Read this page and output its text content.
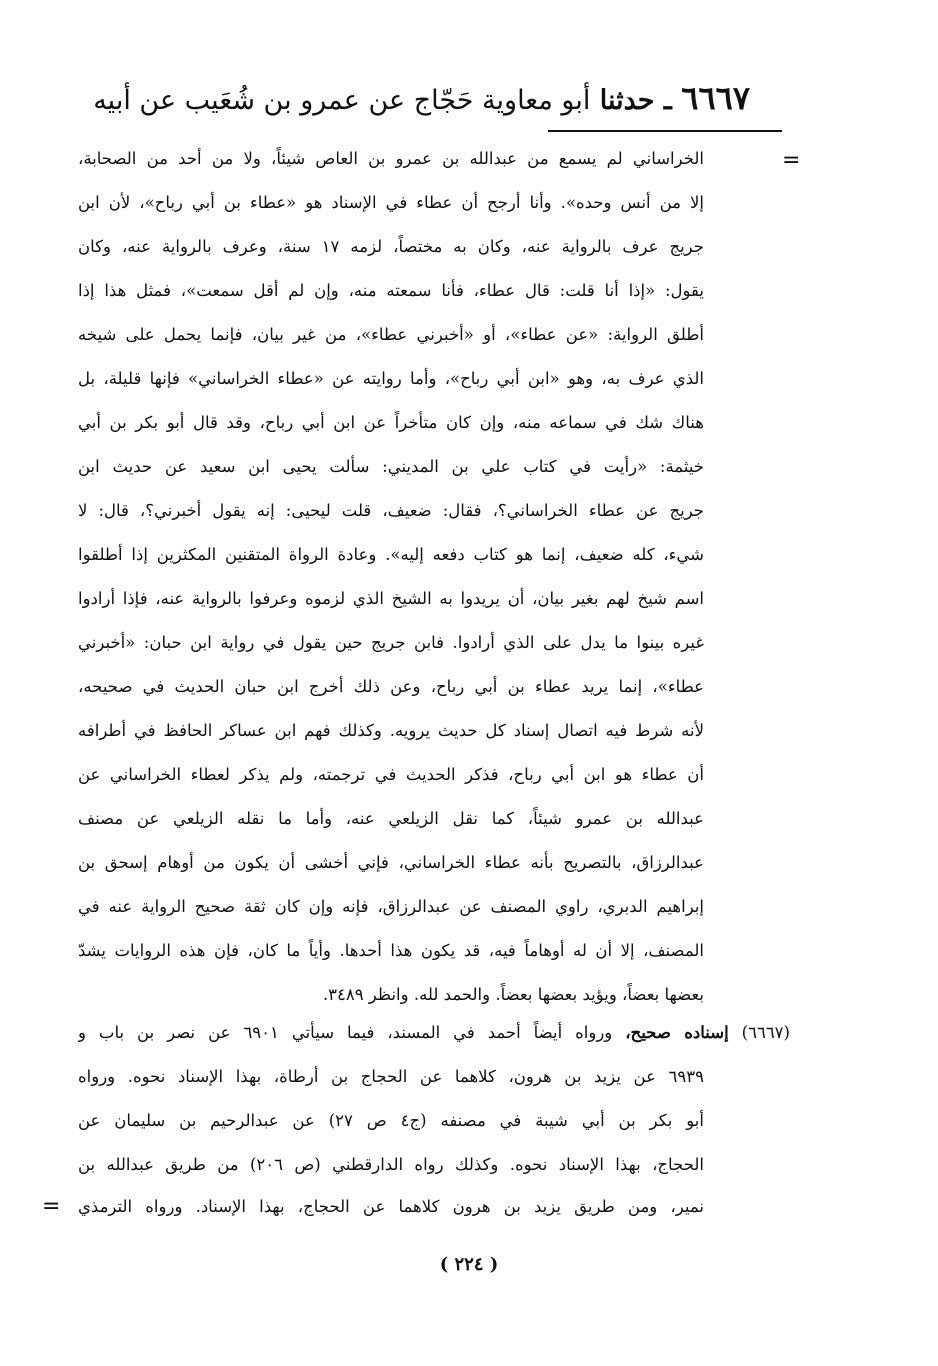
٦٦٦٧ ـ حدثنا أبو معاوية حَجّاج عن عمرو بن شُعَيب عن أبيه
=
الخراساني لم يسمع من عبدالله بن عمرو بن العاص شيئاً، ولا من أحد من الصحابة،
إلا من أنس وحده». وأنا أرجح أن عطاء في الإسناد هو «عطاء بن أبي رباح»، لأن ابن
جريج عرف بالرواية عنه، وكان به مختصاً، لزمه ١٧ سنة، وعرف بالرواية عنه، وكان
يقول: «إذا أنا قلت: قال عطاء، فأنا سمعته منه، وإن لم أقل سمعت»، فمثل هذا إذا
أطلق الرواية: «عن عطاء»، أو «أخبرني عطاء»، من غير بيان، فإنما يحمل على شيخه
الذي عرف به، وهو «ابن أبي رباح»، وأما روايته عن «عطاء الخراساني» فإنها قليلة، بل
هناك شك في سماعه منه، وإن كان متأخراً عن ابن أبي رباح، وقد قال أبو بكر بن أبي
خيثمة: «رأيت في كتاب علي بن المديني: سألت يحيى ابن سعيد عن حديث ابن
جريج عن عطاء الخراساني؟، فقال: ضعيف، قلت ليحيى: إنه يقول أخبرني؟، قال: لا
شيء، كله ضعيف، إنما هو كتاب دفعه إليه». وعادة الرواة المتقنين المكثرين إذا أطلقوا
اسم شيخ لهم بغير بيان، أن يريدوا به الشيخ الذي لزموه وعرفوا بالرواية عنه، فإذا أرادوا
غيره بينوا ما يدل على الذي أرادوا. فابن جريج حين يقول في رواية ابن حبان: «أخبرني
عطاء»، إنما يريد عطاء بن أبي رباح، وعن ذلك أخرج ابن حبان الحديث في صحيحه،
لأنه شرط فيه اتصال إسناد كل حديث يرويه. وكذلك فهم ابن عساكر الحافظ في أطرافه
أن عطاء هو ابن أبي رباح، فذكر الحديث في ترجمته، ولم يذكر لعطاء الخراساني عن
عبدالله بن عمرو شيئاً، كما نقل الزيلعي عنه، وأما ما نقله الزيلعي عن مصنف
عبدالرزاق، بالتصريح بأنه عطاء الخراساني، فإني أخشى أن يكون من أوهام إسحق بن
إبراهيم الدبري، راوي المصنف عن عبدالرزاق، فإنه وإن كان ثقة صحيح الرواية عنه في
المصنف، إلا أن له أوهاماً فيه، قد يكون هذا أحدها. وأياً ما كان، فإن هذه الروايات يشدّ
بعضها بعضاً، ويؤيد بعضها بعضاً. والحمد لله. وانظر ٣٤٨٩.
(٦٦٦٧) إسناده صحيح، ورواه أيضاً أحمد في المسند، فيما سيأتي ٦٩٠١ عن نصر بن باب و
٦٩٣٩ عن يزيد بن هرون، كلاهما عن الحجاج بن أرطاة، بهذا الإسناد نحوه. ورواه
أبو بكر بن أبي شيبة في مصنفه (ج٤ ص ٢٧) عن عبدالرحيم بن سليمان عن
الحجاج، بهذا الإسناد نحوه. وكذلك رواه الدارقطني (ص ٢٠٦) من طريق عبدالله بن
نمير، ومن طريق يزيد بن هرون كلاهما عن الحجاج، بهذا الإسناد. ورواه الترمذي
=
( ٢٢٤ )
